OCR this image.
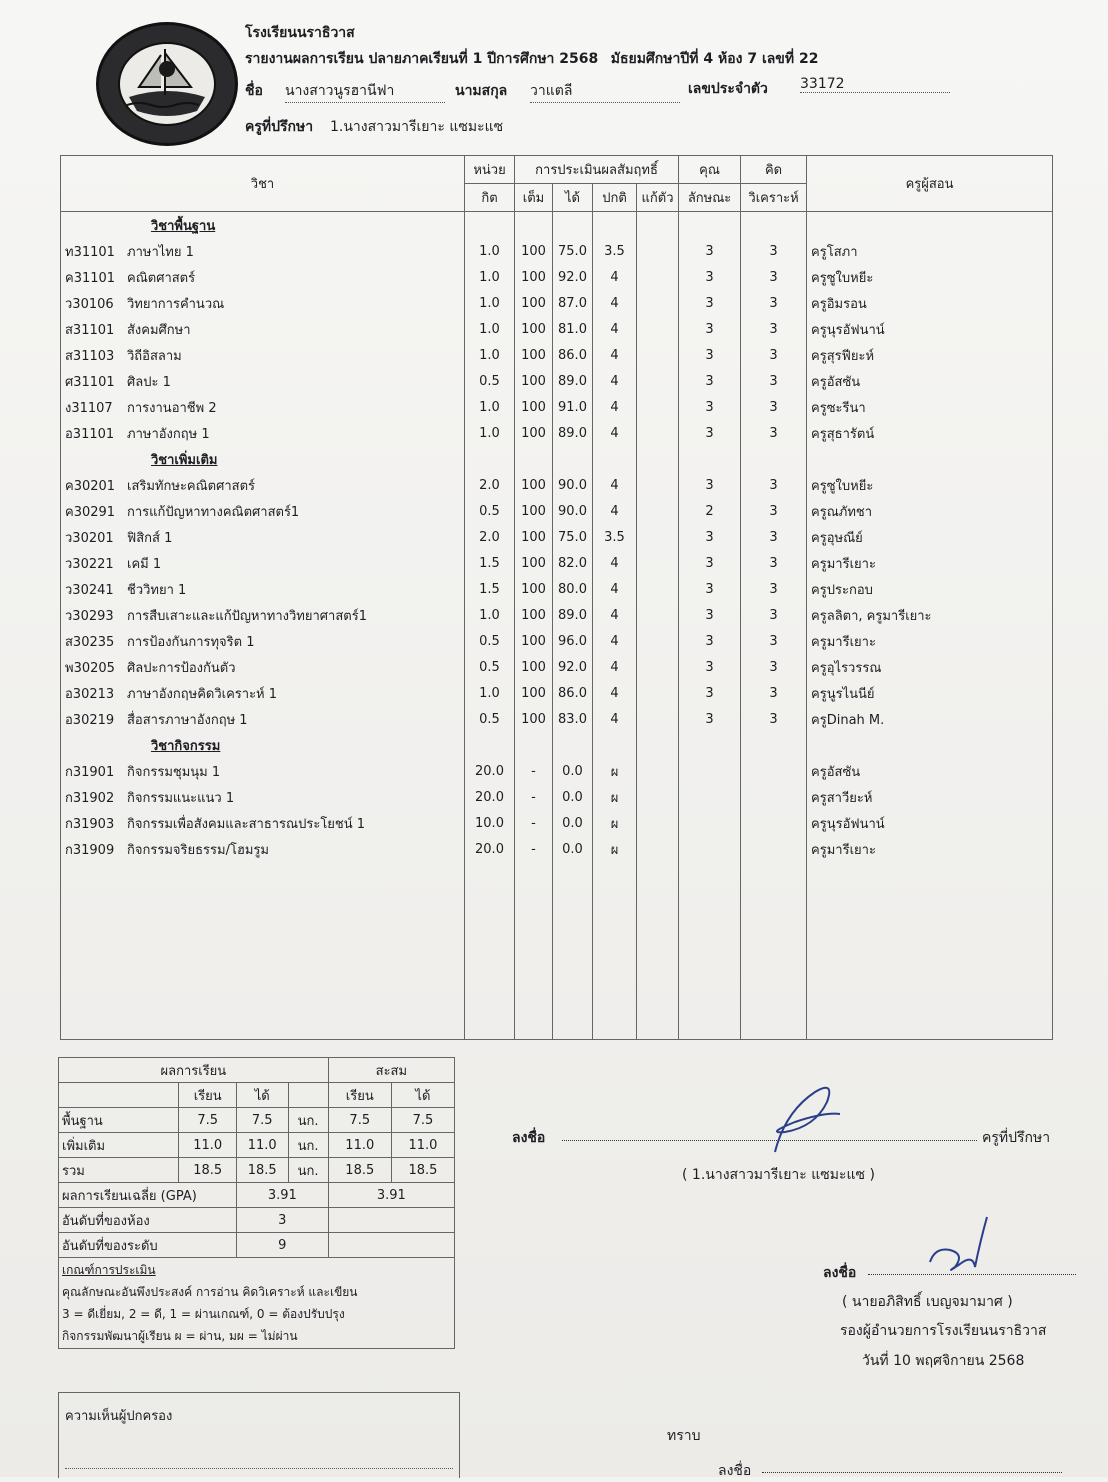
โรงเรียนนราธิวาส
รายงานผลการเรียน ปลายภาคเรียนที่ 1 ปีการศึกษา 2568 มัธยมศึกษาปีที่ 4 ห้อง 7 เลขที่ 22
ชื่อ นางสาวนูรฮานีฟา	นามสกุล วาแตลี	เลขประจำตัว 33172
ครูที่ปรึกษา 1.นางสาวมารีเยาะ แซมะแซ
วิชา	หน่วย	การประเมินผลสัมฤทธิ์				คุณ	คิด	ครูผู้สอน
	กิต	เต็ม	ได้	ปกติ	แก้ตัว	ลักษณะ	วิเคราะห์	
วิชาพื้นฐาน								
ท31101 ภาษาไทย 1	1.0	100	75.0	3.5		3	3	ครูโสภา
ค31101 คณิตศาสตร์	1.0	100	92.0	4		3	3	ครูซูใบหยีะ
ว30106 วิทยาการคำนวณ	1.0	100	87.0	4		3	3	ครูอิมรอน
ส31101 สังคมศึกษา	1.0	100	81.0	4		3	3	ครูนุรอัฟนาน์
ส31103 วิถีอิสลาม	1.0	100	86.0	4		3	3	ครูสุรฟียะห์
ศ31101 ศิลปะ 1	0.5	100	89.0	4		3	3	ครูอัสซัน
ง31107 การงานอาชีพ 2	1.0	100	91.0	4		3	3	ครูซะรีนา
อ31101 ภาษาอังกฤษ 1	1.0	100	89.0	4		3	3	ครูสุธารัตน์
วิชาเพิ่มเติม								
ค30201 เสริมทักษะคณิตศาสตร์	2.0	100	90.0	4		3	3	ครูซูใบหยีะ
ค30291 การแก้ปัญหาทางคณิตศาสตร์1	0.5	100	90.0	4		2	3	ครูณภัทชา
ว30201 ฟิสิกส์ 1	2.0	100	75.0	3.5		3	3	ครูอุษณีย์
ว30221 เคมี 1	1.5	100	82.0	4		3	3	ครูมารีเยาะ
ว30241 ชีววิทยา 1	1.5	100	80.0	4		3	3	ครูประกอบ
ว30293 การสืบเสาะและแก้ปัญหาทางวิทยาศาสตร์1	1.0	100	89.0	4		3	3	ครูลลิตา, ครูมารีเยาะ
ส30235 การป้องกันการทุจริต 1	0.5	100	96.0	4		3	3	ครูมารีเยาะ
พ30205 ศิลปะการป้องกันตัว	0.5	100	92.0	4		3	3	ครูอุไรวรรณ
อ30213 ภาษาอังกฤษคิดวิเคราะห์ 1	1.0	100	86.0	4		3	3	ครูนูรไนนีย์
อ30219 สื่อสารภาษาอังกฤษ 1	0.5	100	83.0	4		3	3	ครูDinah M.
วิชากิจกรรม								
ก31901 กิจกรรมชุมนุม 1	20.0	-	0.0	ผ				ครูอัสซัน
ก31902 กิจกรรมแนะแนว 1	20.0	-	0.0	ผ				ครูสาวียะห์
ก31903 กิจกรรมเพื่อสังคมและสาธารณประโยชน์ 1	10.0	-	0.0	ผ				ครูนุรอัฟนาน์
ก31909 กิจกรรมจริยธรรม/โฮมรูม	20.0	-	0.0	ผ				ครูมารีเยาะ

ผลการเรียน				สะสม	
	เรียน	ได้		เรียน	ได้
พื้นฐาน	7.5	7.5	นก.	7.5	7.5
เพิ่มเติม	11.0	11.0	นก.	11.0	11.0
รวม	18.5	18.5	นก.	18.5	18.5
ผลการเรียนเฉลี่ย (GPA)		3.91		3.91	
อันดับที่ของห้อง		3			
อันดับที่ของระดับ		9			

เกณฑ์การประเมิน
คุณลักษณะอันพึงประสงค์ การอ่าน คิดวิเคราะห์ และเขียน
3 = ดีเยี่ยม, 2 = ดี, 1 = ผ่านเกณฑ์, 0 = ต้องปรับปรุง
กิจกรรมพัฒนาผู้เรียน ผ = ผ่าน, มผ = ไม่ผ่าน					
ความเห็นผู้ปกครอง
ลงชื่อ	ครูที่ปรึกษา
( 1.นางสาวมารีเยาะ แซมะแซ )
ลงชื่อ
( นายอภิสิทธิ์ เบญจมามาศ )
รองผู้อำนวยการโรงเรียนนราธิวาส
วันที่ 10 พฤศจิกายน 2568
ทราบ
ลงชื่อ
